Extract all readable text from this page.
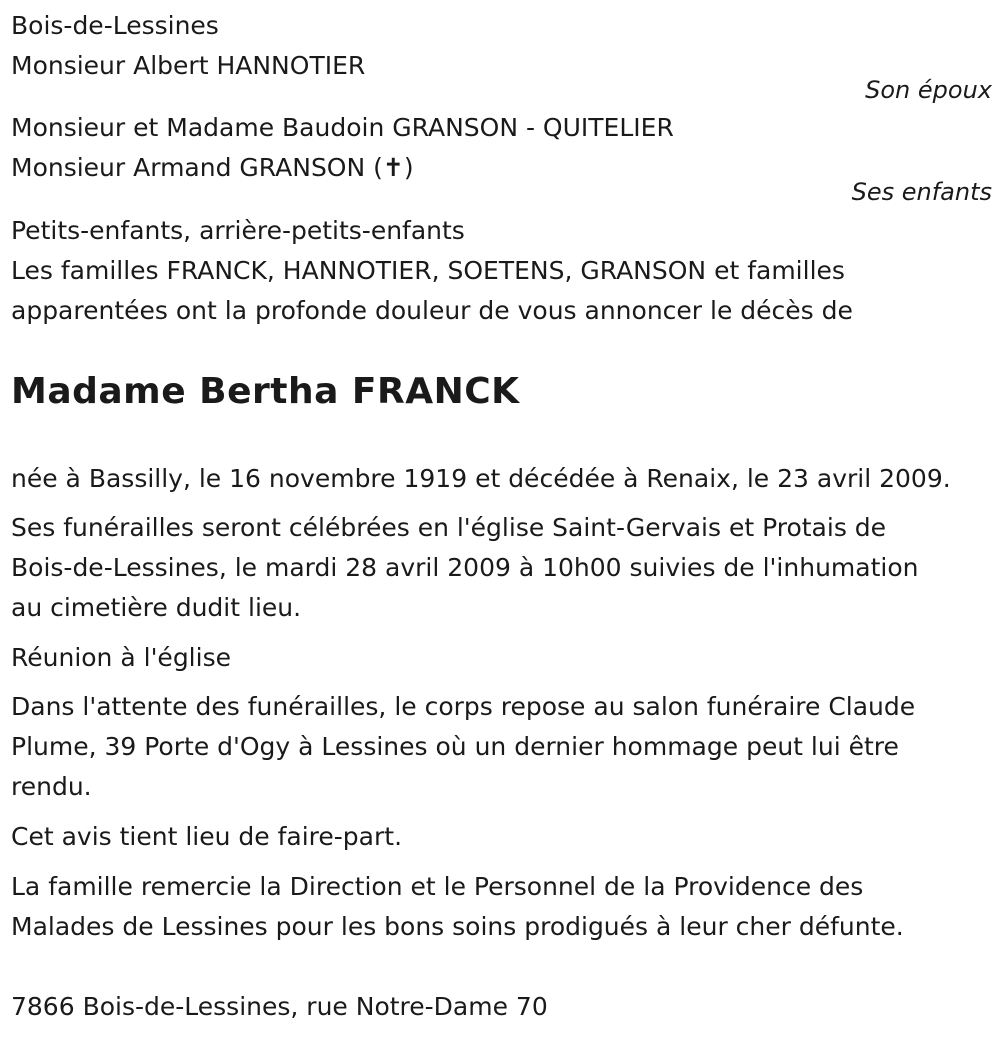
Bois-de-Lessines
Monsieur Albert HANNOTIER
Son époux
Monsieur et Madame Baudoin GRANSON - QUITELIER
Monsieur Armand GRANSON (✝)
Ses enfants
Petits-enfants, arrière-petits-enfants
Les familles FRANCK, HANNOTIER, SOETENS, GRANSON et familles
apparentées ont la profonde douleur de vous annoncer le décès de
Madame Bertha FRANCK
née à Bassilly, le 16 novembre 1919 et décédée à Renaix, le 23 avril 2009.
Ses funérailles seront célébrées en l'église Saint-Gervais et Protais de
Bois-de-Lessines, le mardi 28 avril 2009 à 10h00 suivies de l'inhumation
au cimetière dudit lieu.
Réunion à l'église
Dans l'attente des funérailles, le corps repose au salon funéraire Claude
Plume, 39 Porte d'Ogy à Lessines où un dernier hommage peut lui être
rendu.
Cet avis tient lieu de faire-part.
La famille remercie la Direction et le Personnel de la Providence des
Malades de Lessines pour les bons soins prodigués à leur cher défunte.
7866 Bois-de-Lessines, rue Notre-Dame 70
